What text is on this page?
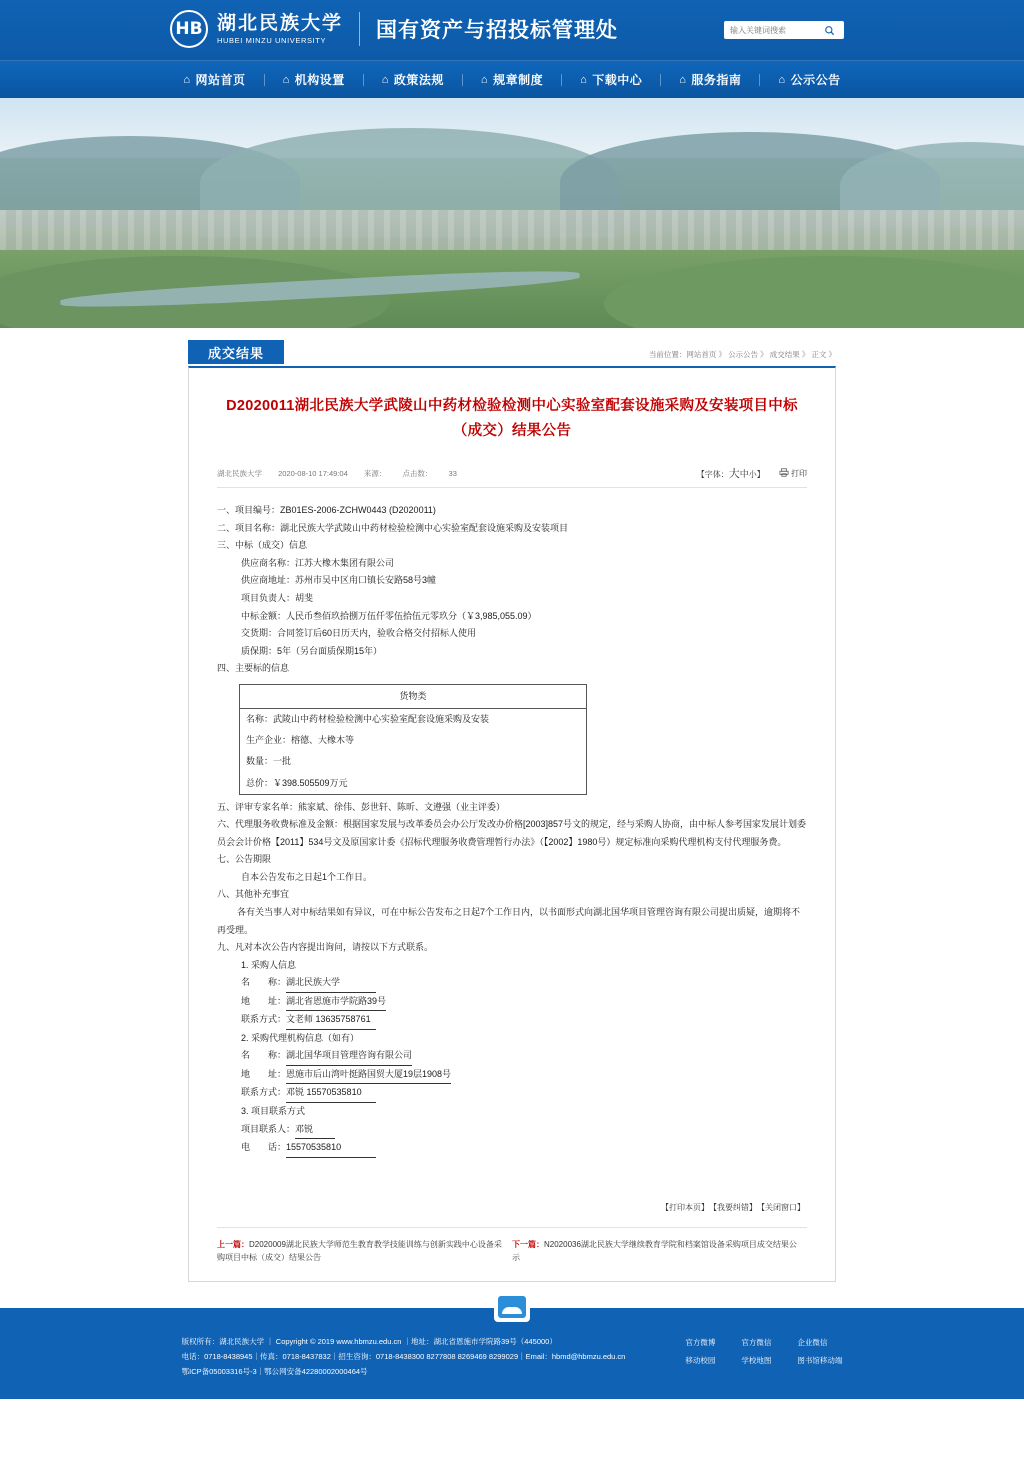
HB 湖北民族大学
HUBEI MINZU UNIVERSITY	国有资产与招投标管理处
输入关键词搜索
⌂ 网站首页	⌂ 机构设置	⌂ 政策法规	⌂ 规章制度	⌂ 下载中心	⌂ 服务指南	⌂ 公示公告
成交结果	当前位置：网站首页 》 公示公告 》 成交结果 》 正文 》
D2020011湖北民族大学武陵山中药材检验检测中心实验室配套设施采购及安装项目中标（成交）结果公告
湖北民族大学 2020-08-10 17:49:04 来源： 点击数： 33	【字体：大中小】	打印

一、项目编号：ZB01ES-2006-ZCHW0443 (D2020011)

二、项目名称：湖北民族大学武陵山中药材检验检测中心实验室配套设施采购及安装项目

三、中标（成交）信息

供应商名称：江苏大橡木集团有限公司

供应商地址：苏州市吴中区甪口镇长安路58号3幢

项目负责人：胡斐

中标金额：人民币叁佰玖拾捌万伍仟零伍拾伍元零玖分（￥3,985,055.09）

交货期：合同签订后60日历天内，验收合格交付招标人使用

质保期：5年（另台面质保期15年）

四、主要标的信息

货物类
名称：武陵山中药材检验检测中心实验室配套设施采购及安装
生产企业：榕德、大橡木等
数量：一批
总价：￥398.505509万元

五、评审专家名单：熊家斌、徐伟、彭世轩、陈昕、文遵强（业主评委）

六、代理服务收费标准及金额：根据国家发展与改革委员会办公厅发改办价格[2003]857号文的规定，经与采购人协商，由中标人参考国家发展计划委员会会计价格【2011】534号文及原国家计委《招标代理服务收费管理暂行办法》（【2002】1980号）规定标准向采购代理机构支付代理服务费。

七、公告期限

自本公告发布之日起1个工作日。

八、其他补充事宜

各有关当事人对中标结果如有异议，可在中标公告发布之日起7个工作日内，以书面形式向湖北国华项目管理咨询有限公司提出质疑，逾期将不再受理。

九、凡对本次公告内容提出询问，请按以下方式联系。

1. 采购人信息

名　　称：湖北民族大学

地　　址：湖北省恩施市学院路39号

联系方式：文老师 13635758761

2. 采购代理机构信息（如有）

名　　称：湖北国华项目管理咨询有限公司

地　　址：恩施市后山湾叶挺路国贸大厦19层1908号

联系方式：邓锐 15570535810

3. 项目联系方式

项目联系人：邓锐

电　　话：15570535810

【打印本页】 【我要纠错】 【关闭窗口】
上一篇：D2020009湖北民族大学师范生教育教学技能训练与创新实践中心设备采购项目中标（成交）结果公告
下一篇：N2020036湖北民族大学继续教育学院和档案馆设备采购项目成交结果公示
版权所有：湖北民族大学 ｜ Copyright © 2019 www.hbmzu.edu.cn ｜地址：湖北省恩施市学院路39号（445000）
电话：0718-8438945｜传真：0718-8437832｜招生咨询：0718-8438300 8277808 8269469 8299029｜Email：hbmd@hbmzu.edu.cn
鄂ICP备05003316号-3｜鄂公网安备42280002000464号
官方微博	官方微信	企业微信
移动校园	学校地图	图书馆移动端
